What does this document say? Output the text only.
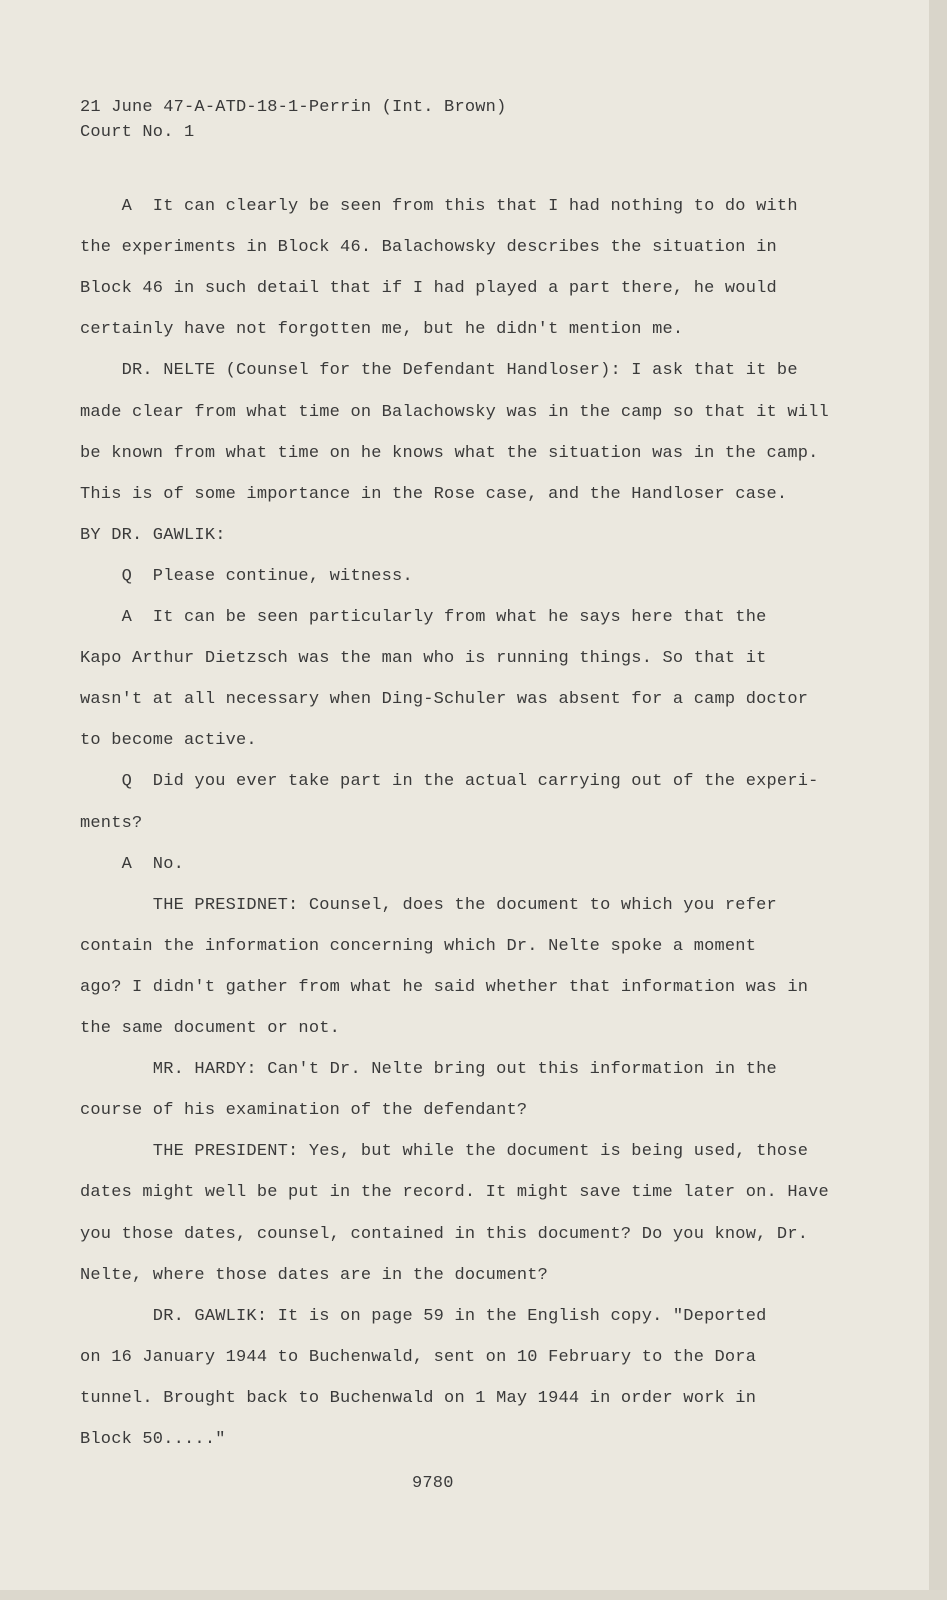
21 June 47-A-ATD-18-1-Perrin (Int. Brown)
Court No. 1
A  It can clearly be seen from this that I had nothing to do with
the experiments in Block 46. Balachowsky describes the situation in
Block 46 in such detail that if I had played a part there, he would
certainly have not forgotten me, but he didn't mention me.
DR. NELTE (Counsel for the Defendant Handloser): I ask that it be
made clear from what time on Balachowsky was in the camp so that it will
be known from what time on he knows what the situation was in the camp.
This is of some importance in the Rose case, and the Handloser case.
BY DR. GAWLIK:
Q  Please continue, witness.
A  It can be seen particularly from what he says here that the
Kapo Arthur Dietzsch was the man who is running things. So that it
wasn't at all necessary when Ding-Schuler was absent for a camp doctor
to become active.
Q  Did you ever take part in the actual carrying out of the experi-
ments?
A  No.
THE PRESIDNET: Counsel, does the document to which you refer
contain the information concerning which Dr. Nelte spoke a moment
ago? I didn't gather from what he said whether that information was in
the same document or not.
MR. HARDY: Can't Dr. Nelte bring out this information in the
course of his examination of the defendant?
THE PRESIDENT: Yes, but while the document is being used, those
dates might well be put in the record. It might save time later on. Have
you those dates, counsel, contained in this document? Do you know, Dr.
Nelte, where those dates are in the document?
DR. GAWLIK: It is on page 59 in the English copy. "Deported
on 16 January 1944 to Buchenwald, sent on 10 February to the Dora
tunnel. Brought back to Buchenwald on 1 May 1944 in order work in
Block 50....."
9780
